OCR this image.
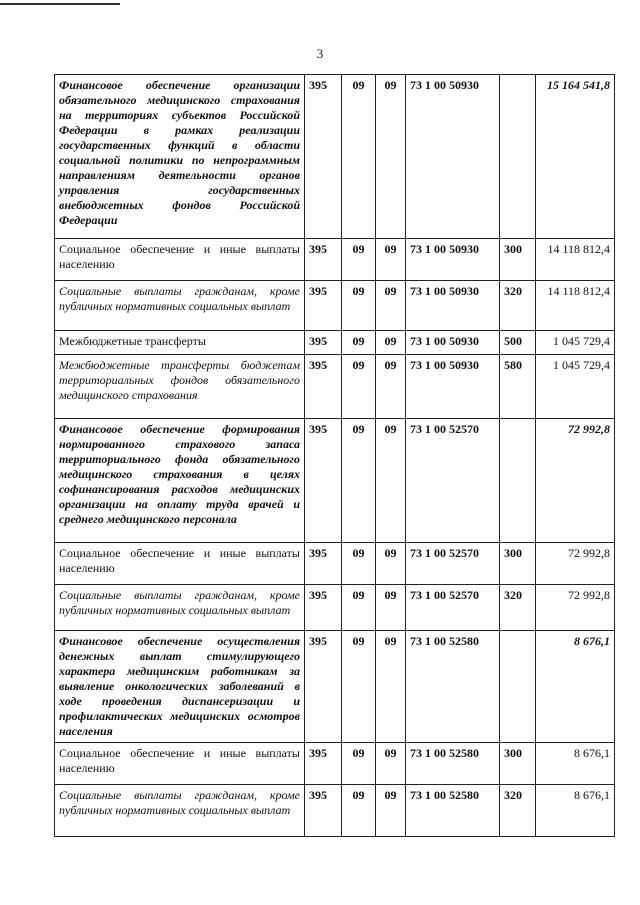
3
Финансовое обеспечение организации обязательного медицинского страхования на территориях субъектов Российской Федерации в рамках реализации государственных функций в области социальной политики по непрограммным направлениям деятельности органов управления государственных внебюджетных фондов Российской Федерации	395	09	09	73 1 00 50930		15 164 541,8
Социальное обеспечение и иные выплаты населению	395	09	09	73 1 00 50930	300	14 118 812,4
Социальные выплаты гражданам, кроме публичных нормативных социальных выплат	395	09	09	73 1 00 50930	320	14 118 812,4
Межбюджетные трансферты	395	09	09	73 1 00 50930	500	1 045 729,4
Межбюджетные трансферты бюджетам территориальных фондов обязательного медицинского страхования	395	09	09	73 1 00 50930	580	1 045 729,4
Финансовое обеспечение формирования нормированного страхового запаса территориального фонда обязательного медицинского страхования в целях софинансирования расходов медицинских организации на оплату труда врачей и среднего медицинского персонала	395	09	09	73 1 00 52570		72 992,8
Социальное обеспечение и иные выплаты населению	395	09	09	73 1 00 52570	300	72 992,8
Социальные выплаты гражданам, кроме публичных нормативных социальных выплат	395	09	09	73 1 00 52570	320	72 992,8
Финансовое обеспечение осуществления денежных выплат стимулирующего характера медицинским работникам за выявление онкологических заболеваний в ходе проведения диспансеризации и профилактических медицинских осмотров населения	395	09	09	73 1 00 52580		8 676,1
Социальное обеспечение и иные выплаты населению	395	09	09	73 1 00 52580	300	8 676,1
Социальные выплаты гражданам, кроме публичных нормативных социальных выплат	395	09	09	73 1 00 52580	320	8 676,1
